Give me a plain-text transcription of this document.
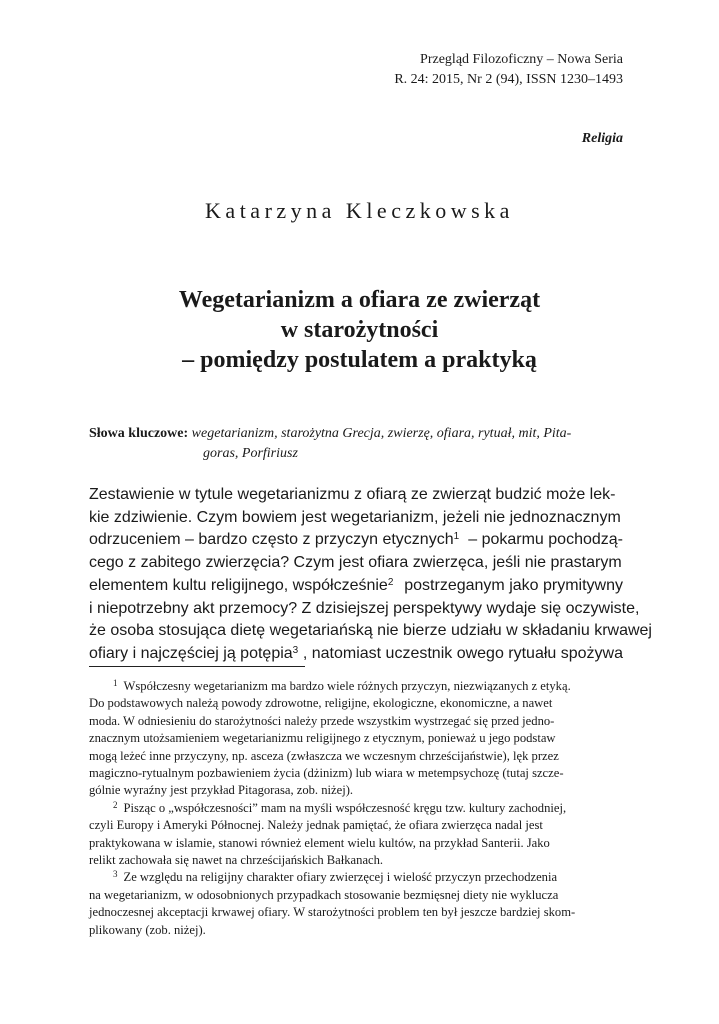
Przegląd Filozoficzny – Nowa Seria
R. 24: 2015, Nr 2 (94), ISSN 1230–1493
Religia
Katarzyna Kleczkowska
Wegetarianizm a ofiara ze zwierząt
w starożytności
– pomiędzy postulatem a praktyką
Słowa kluczowe: wegetarianizm, starożytna Grecja, zwierzę, ofiara, rytuał, mit, Pita-
goras, Porfiriusz
Zestawienie w tytule wegetarianizmu z ofiarą ze zwierząt budzić może lek-
kie zdziwienie. Czym bowiem jest wegetarianizm, jeżeli nie jednoznacznym
odrzuceniem – bardzo często z przyczyn etycznych$^1$ – pokarmu pochodzą-
cego z zabitego zwierzęcia? Czym jest ofiara zwierzęca, jeśli nie prastarym
elementem kultu religijnego, współcześnie$^2$ postrzeganym jako prymitywny
i niepotrzebny akt przemocy? Z dzisiejszej perspektywy wydaje się oczywiste,
że osoba stosująca dietę wegetariańską nie bierze udziału w składaniu krwawej
ofiary i najczęściej ją potępia$^3$ , natomiast uczestnik owego rytuału spożywa
$^1$ Współczesny wegetarianizm ma bardzo wiele różnych przyczyn, niezwiązanych z etyką.
Do podstawowych należą powody zdrowotne, religijne, ekologiczne, ekonomiczne, a nawet
moda. W odniesieniu do starożytności należy przede wszystkim wystrzegać się przed jedno-
znacznym utożsamieniem wegetarianizmu religijnego z etycznym, ponieważ u jego podstaw
mogą leżeć inne przyczyny, np. asceza (zwłaszcza we wczesnym chrześcijaństwie), lęk przez
magiczno-rytualnym pozbawieniem życia (dżinizm) lub wiara w metempsychozę (tutaj szcze-
gólnie wyraźny jest przykład Pitagorasa, zob. niżej).
$^2$ Pisząc o „współczesności” mam na myśli współczesność kręgu tzw. kultury zachodniej,
czyli Europy i Ameryki Północnej. Należy jednak pamiętać, że ofiara zwierzęca nadal jest
praktykowana w islamie, stanowi również element wielu kultów, na przykład Santerii. Jako
relikt zachowała się nawet na chrześcijańskich Bałkanach.
$^3$ Ze względu na religijny charakter ofiary zwierzęcej i wielość przyczyn przechodzenia
na wegetarianizm, w odosobnionych przypadkach stosowanie bezmięsnej diety nie wyklucza
jednoczesnej akceptacji krwawej ofiary. W starożytności problem ten był jeszcze bardziej skom-
plikowany (zob. niżej).
